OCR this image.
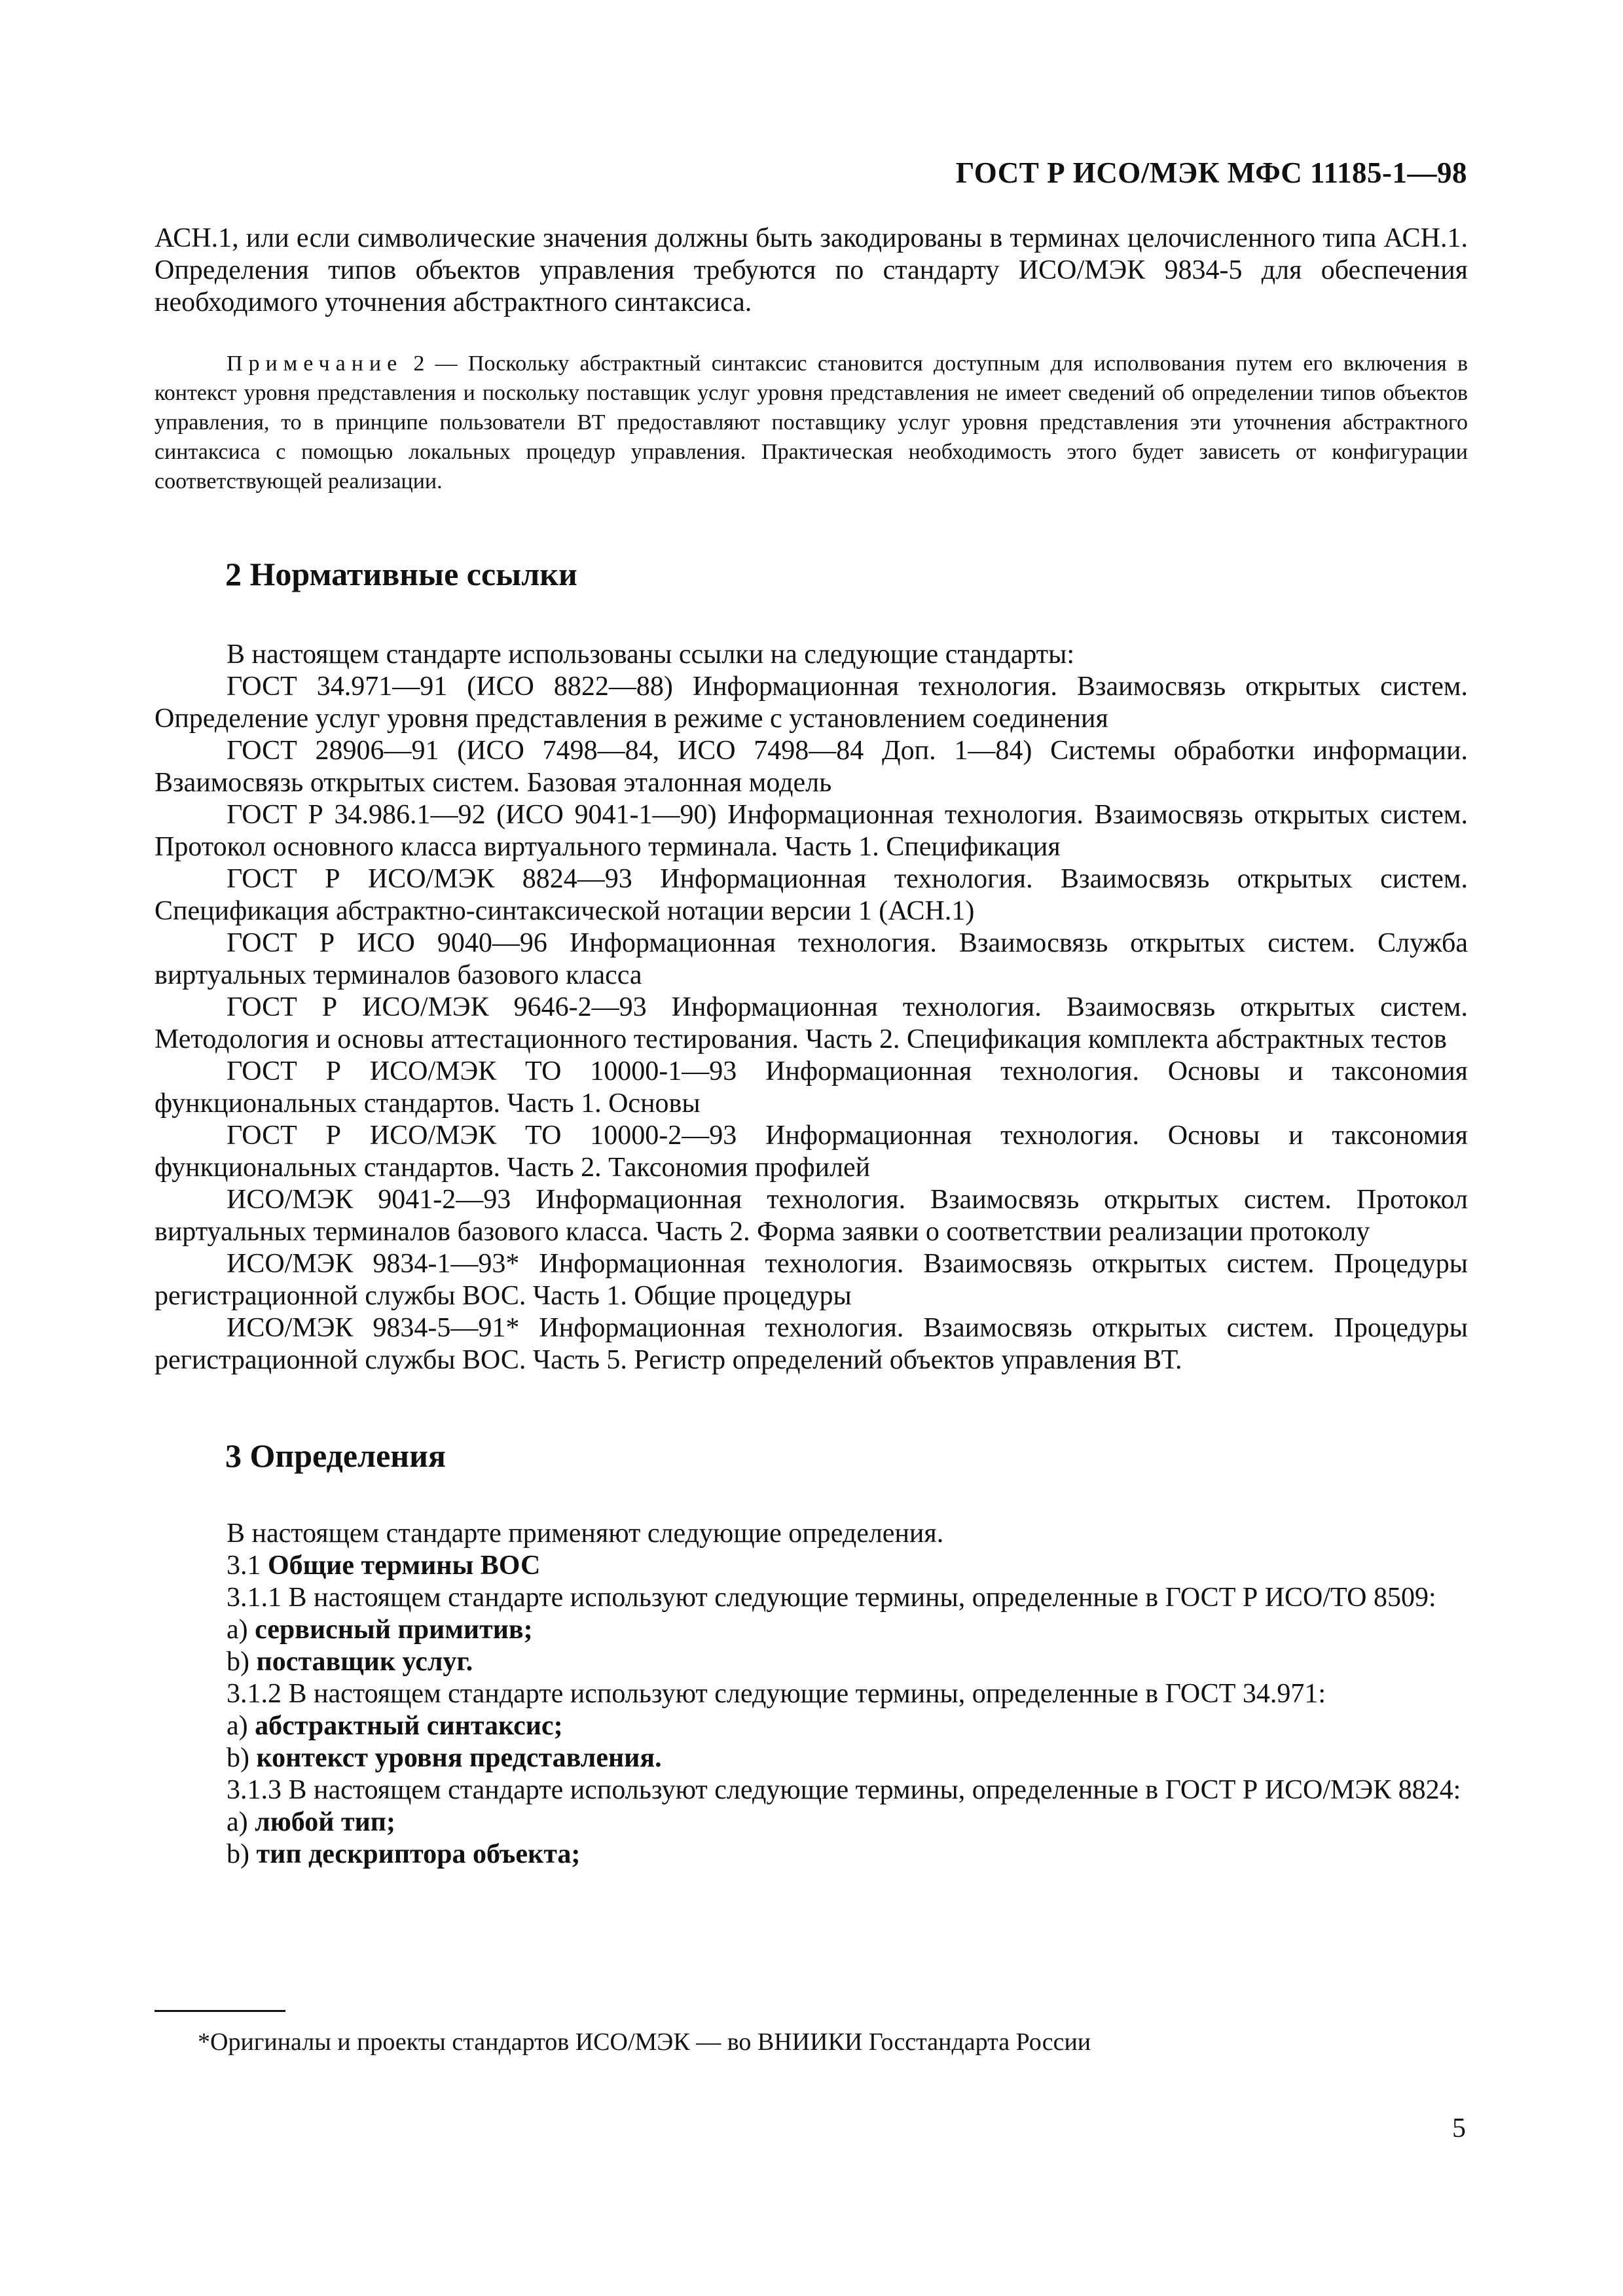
ГОСТ Р ИСО/МЭК МФС 11185-1—98

АСН.1, или если символические значения должны быть закодированы в терминах целочисленного типа АСН.1. Определения типов объектов управления требуются по стандарту ИСО/МЭК 9834-5 для обеспечения необходимого уточнения абстрактного синтаксиса.

Примечание 2 — Поскольку абстрактный синтаксис становится доступным для исполвования путем его включения в контекст уровня представления и поскольку поставщик услуг уровня представления не имеет сведений об определении типов объектов управления, то в принципе пользователи ВТ предоставляют поставщику услуг уровня представления эти уточнения абстрактного синтаксиса с помощью локальных процедур управления. Практическая необходимость этого будет зависеть от конфигурации соответствующей реализации.

2 Нормативные ссылки

В настоящем стандарте использованы ссылки на следующие стандарты:

ГОСТ 34.971—91 (ИСО 8822—88) Информационная технология. Взаимосвязь открытых систем. Определение услуг уровня представления в режиме с установлением соединения

ГОСТ 28906—91 (ИСО 7498—84, ИСО 7498—84 Доп. 1—84) Системы обработки информации. Взаимосвязь открытых систем. Базовая эталонная модель

ГОСТ Р 34.986.1—92 (ИСО 9041-1—90) Информационная технология. Взаимосвязь открытых систем. Протокол основного класса виртуального терминала. Часть 1. Спецификация

ГОСТ Р ИСО/МЭК 8824—93 Информационная технология. Взаимосвязь открытых систем. Спецификация абстрактно-синтаксической нотации версии 1 (АСН.1)

ГОСТ Р ИСО 9040—96 Информационная технология. Взаимосвязь открытых систем. Служба виртуальных терминалов базового класса

ГОСТ Р ИСО/МЭК 9646-2—93 Информационная технология. Взаимосвязь открытых систем. Методология и основы аттестационного тестирования. Часть 2. Спецификация комплекта абстрактных тестов

ГОСТ Р ИСО/МЭК ТО 10000-1—93 Информационная технология. Основы и таксономия функциональных стандартов. Часть 1. Основы

ГОСТ Р ИСО/МЭК ТО 10000-2—93 Информационная технология. Основы и таксономия функциональных стандартов. Часть 2. Таксономия профилей

ИСО/МЭК 9041-2—93 Информационная технология. Взаимосвязь открытых систем. Протокол виртуальных терминалов базового класса. Часть 2. Форма заявки о соответствии реализации протоколу

ИСО/МЭК 9834-1—93* Информационная технология. Взаимосвязь открытых систем. Процедуры регистрационной службы ВОС. Часть 1. Общие процедуры

ИСО/МЭК 9834-5—91* Информационная технология. Взаимосвязь открытых систем. Процедуры регистрационной службы ВОС. Часть 5. Регистр определений объектов управления ВТ.

3 Определения

В настоящем стандарте применяют следующие определения.

3.1 Общие термины ВОС

3.1.1 В настоящем стандарте используют следующие термины, определенные в ГОСТ Р ИСО/ТО 8509:

a) сервисный примитив;

b) поставщик услуг.

3.1.2 В настоящем стандарте используют следующие термины, определенные в ГОСТ 34.971:

a) абстрактный синтаксис;

b) контекст уровня представления.

3.1.3 В настоящем стандарте используют следующие термины, определенные в ГОСТ Р ИСО/МЭК 8824:

a) любой тип;

b) тип дескриптора объекта;

*Оригиналы и проекты стандартов ИСО/МЭК — во ВНИИКИ Госстандарта России
5
